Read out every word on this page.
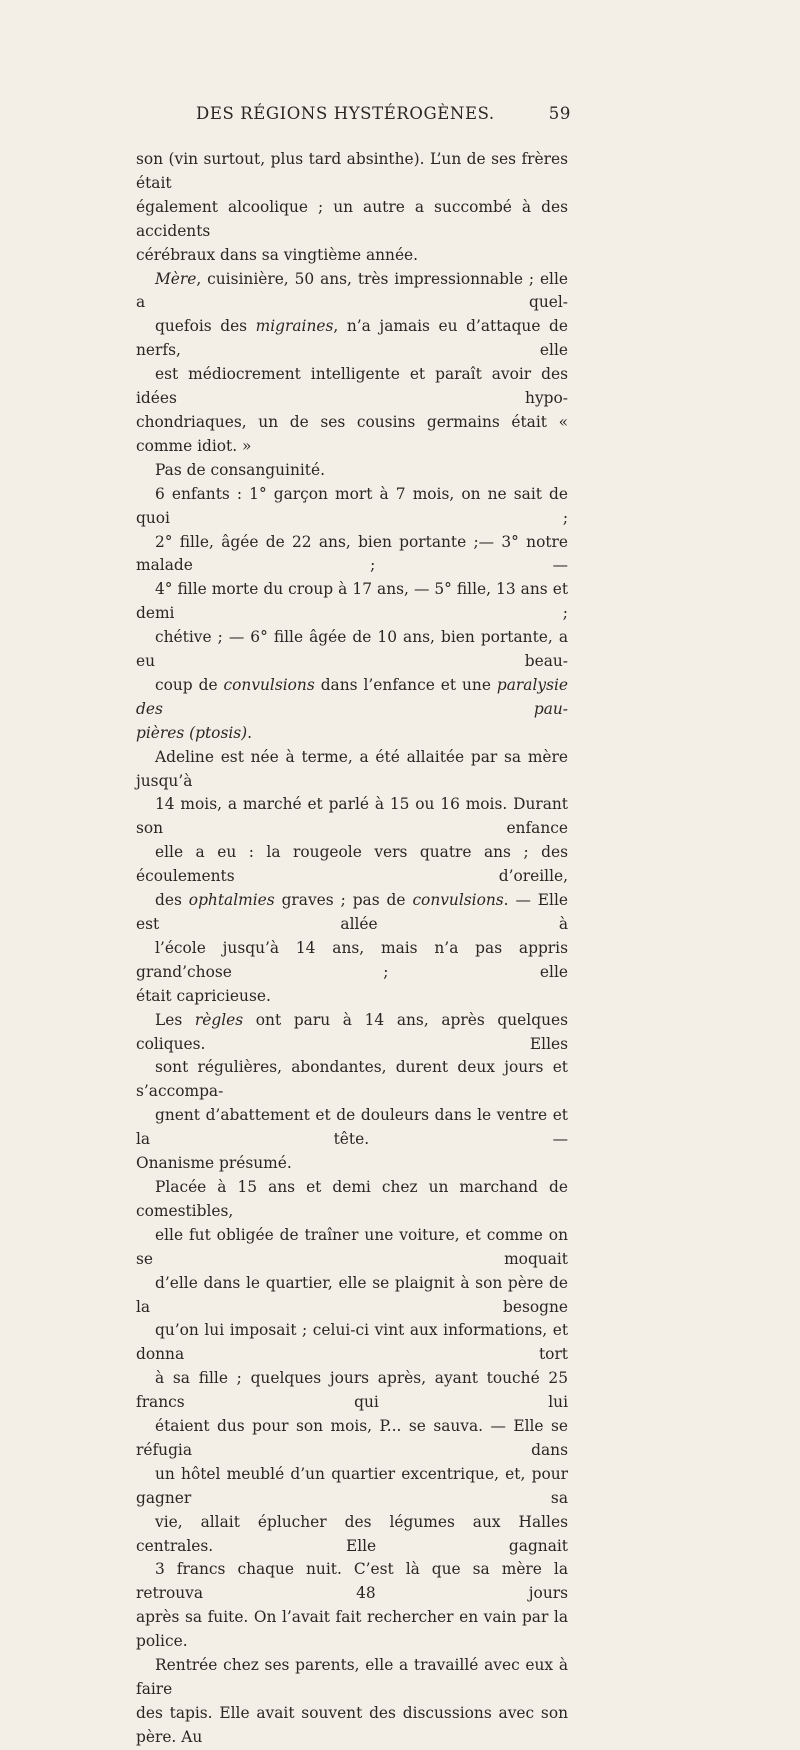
DES RÉGIONS HYSTÉROGÈNES.	59

son (vin surtout, plus tard absinthe). L’un de ses frères était
également alcoolique ; un autre a succombé à des accidents
cérébraux dans sa vingtième année.

Mère, cuisinière, 50 ans, très impressionnable ; elle a quel-
quefois des migraines, n’a jamais eu d’attaque de nerfs, elle
est médiocrement intelligente et paraît avoir des idées hypo-
chondriaques, un de ses cousins germains était « comme idiot. »

Pas de consanguinité.

6 enfants : 1° garçon mort à 7 mois, on ne sait de quoi ;
2° fille, âgée de 22 ans, bien portante ;— 3° notre malade ; —
4° fille morte du croup à 17 ans, — 5° fille, 13 ans et demi ;
chétive ; — 6° fille âgée de 10 ans, bien portante, a eu beau-
coup de convulsions dans l’enfance et une paralysie des pau-
pières (ptosis).

Adeline est née à terme, a été allaitée par sa mère jusqu’à
14 mois, a marché et parlé à 15 ou 16 mois. Durant son enfance
elle a eu : la rougeole vers quatre ans ; des écoulements d’oreille,
des ophtalmies graves ; pas de convulsions. — Elle est allée à
l’école jusqu’à 14 ans, mais n’a pas appris grand’chose ; elle
était capricieuse.

Les règles ont paru à 14 ans, après quelques coliques. Elles
sont régulières, abondantes, durent deux jours et s’accompa-
gnent d’abattement et de douleurs dans le ventre et la tête. —
Onanisme présumé.

Placée à 15 ans et demi chez un marchand de comestibles,
elle fut obligée de traîner une voiture, et comme on se moquait
d’elle dans le quartier, elle se plaignit à son père de la besogne
qu’on lui imposait ; celui-ci vint aux informations, et donna tort
à sa fille ; quelques jours après, ayant touché 25 francs qui lui
étaient dus pour son mois, P... se sauva. — Elle se réfugia dans
un hôtel meublé d’un quartier excentrique, et, pour gagner sa
vie, allait éplucher des légumes aux Halles centrales. Elle gagnait
3 francs chaque nuit. C’est là que sa mère la retrouva 48 jours
après sa fuite. On l’avait fait rechercher en vain par la police.

Rentrée chez ses parents, elle a travaillé avec eux à faire
des tapis. Elle avait souvent des discussions avec son père. Au
